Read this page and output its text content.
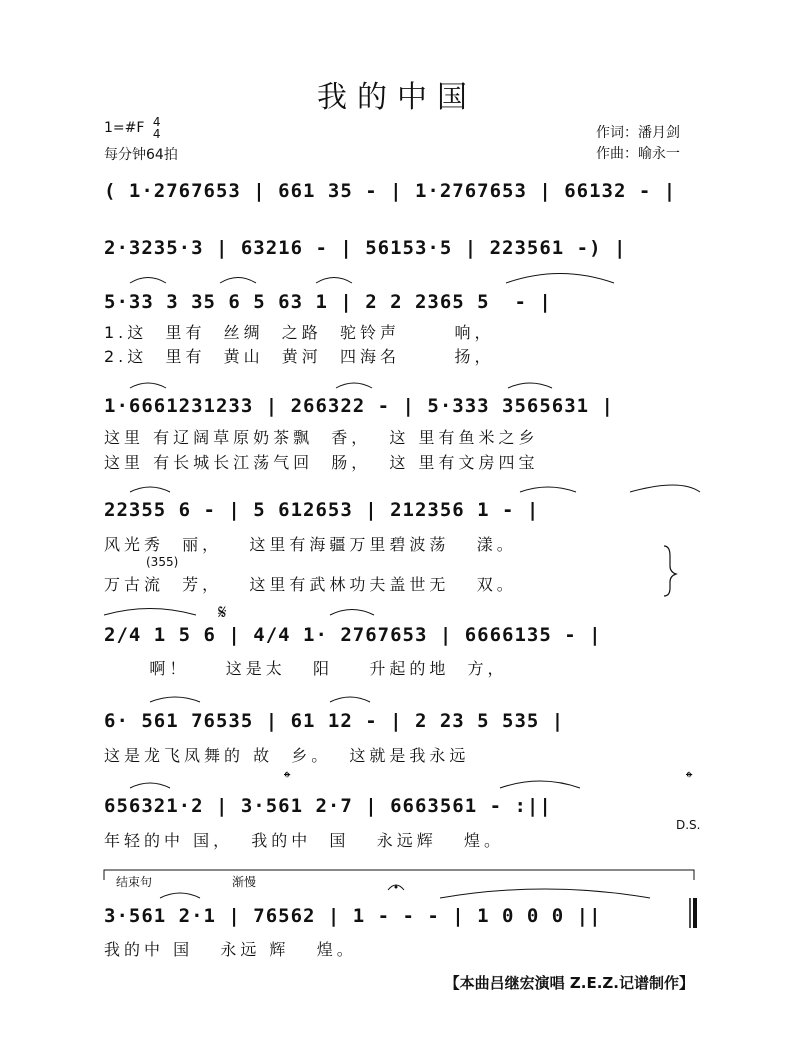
我的中国
1=#F 4
4
每分钟64拍
作词：潘月剑
作曲：喻永一
( 1·2767653 | 661 35 - | 1·2767653 | 66132 - |
2·3235·3 | 63216 - | 56153·5 | 223561 -) |
5·33 3 35 6 5 63 1 | 2 2 2365 5  - |
1.这  里有  丝绸  之路  驼铃声      响，
2.这  里有  黄山  黄河  四海名      扬，
1·6661231233 | 266322 - | 5·333 3565631 |
这里 有辽阔草原奶茶飘  香，  这 里有鱼米之乡
这里 有长城长江荡气回  肠，  这 里有文房四宝
22355 6 - | 5 612653 | 212356 1 - |
风光秀  丽，   这里有海疆万里碧波荡   漾。
(355)
万古流  芳，   这里有武林功夫盖世无   双。
𝄋
2/4 1 5 6 | 4/4 1· 2767653 | 6666135 - |
啊！    这是太   阳    升起的地  方，
6· 561 76535 | 61 12 - | 2 23 5 535 |
这是龙飞凤舞的 故  乡。  这就是我永远
𝄌	𝄌
656321·2 | 3·561 2·7 | 6663561 - :||
年轻的中 国，  我的中  国   永远辉   煌。
D.S.
结束句	渐慢
3·561 2·1 | 76562 | 1 - - - | 1 0 0 0 ||
我的中 国   永远 辉   煌。
【本曲吕继宏演唱 Z.E.Z.记谱制作】
